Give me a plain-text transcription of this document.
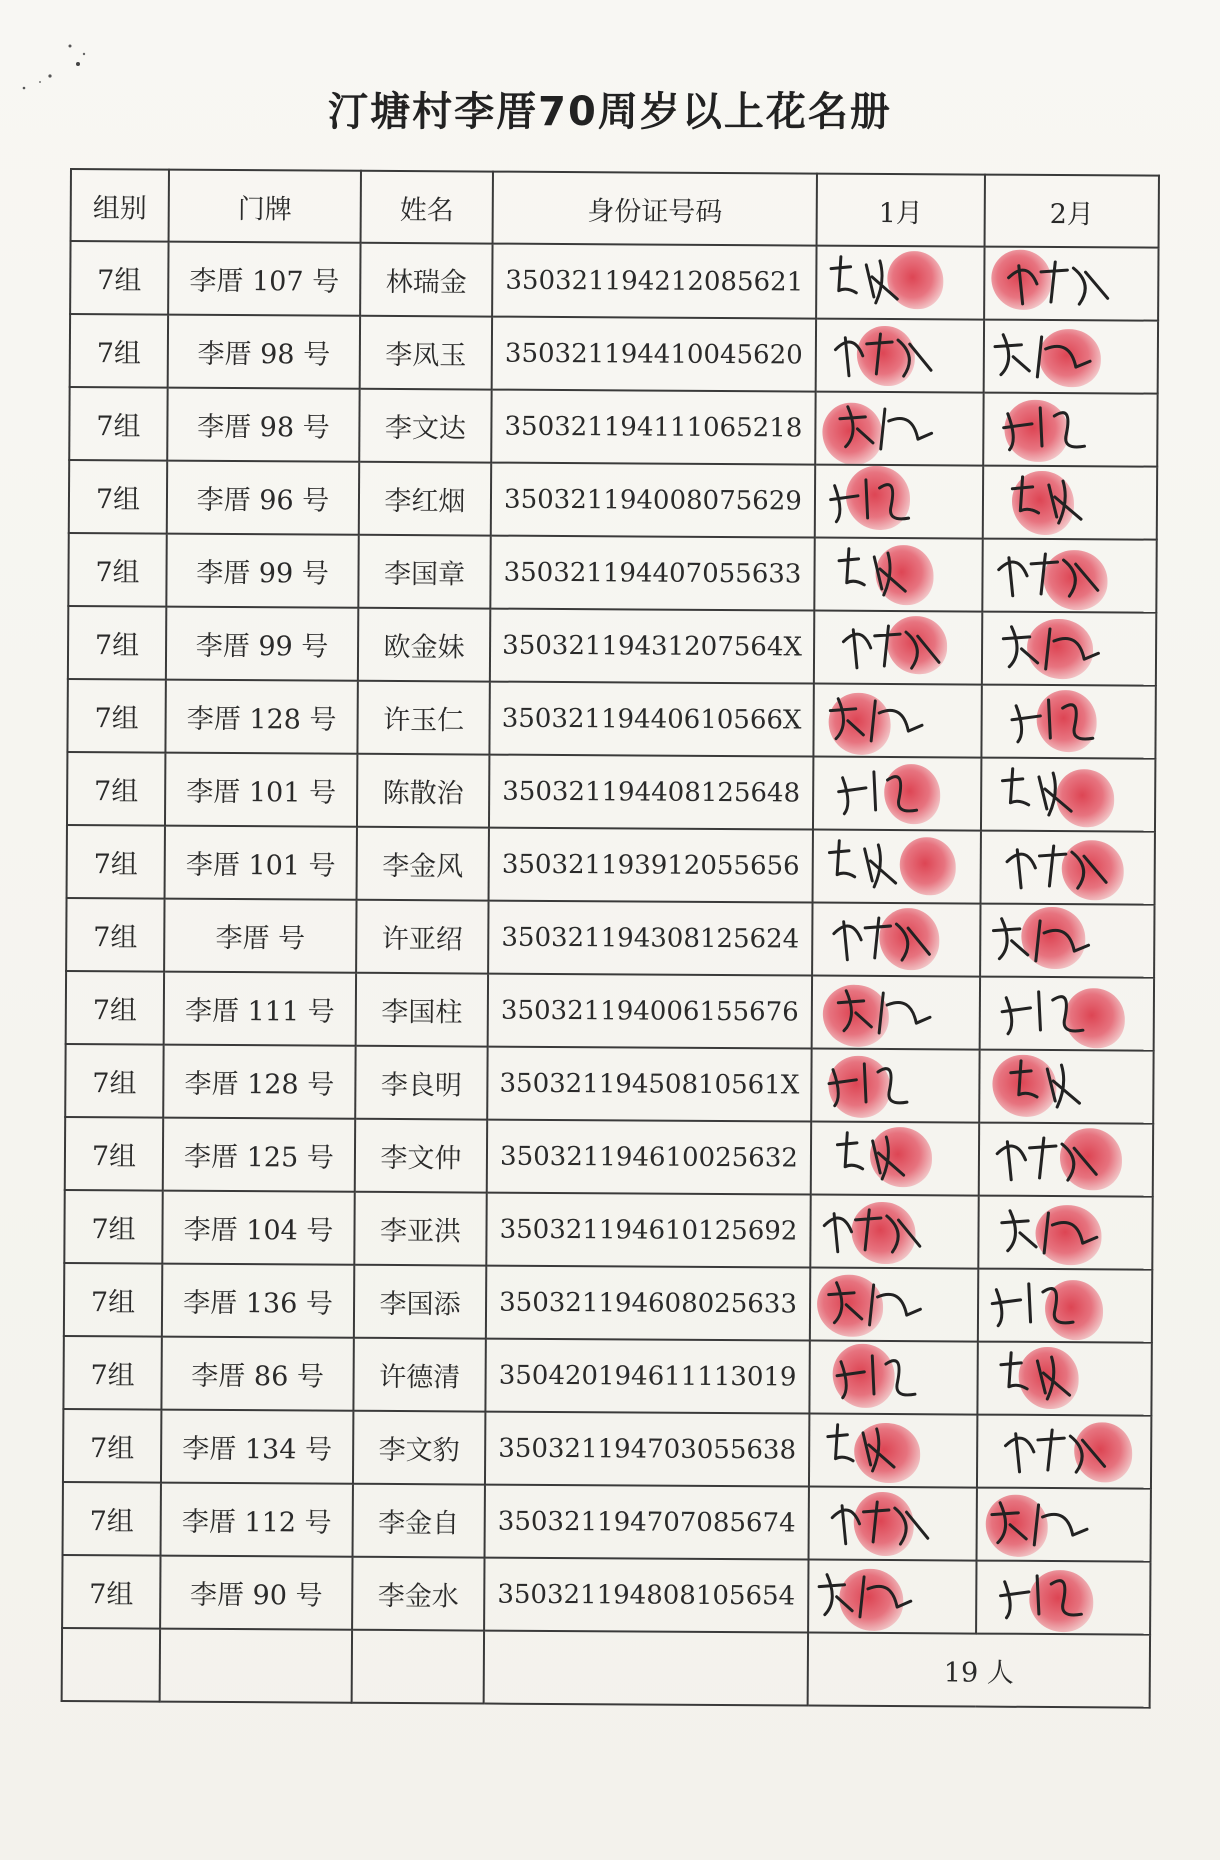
汀塘村李厝70周岁以上花名册
组别	门牌	姓名	身份证号码	1月	2月
7组	李厝 107 号	林瑞金	350321194212085621	

7组	李厝 98 号	李凤玉	350321194410045620	

7组	李厝 98 号	李文达	350321194111065218	

7组	李厝 96 号	李红烟	350321194008075629	

7组	李厝 99 号	李国章	350321194407055633	

7组	李厝 99 号	欧金妹	35032119431207564X	

7组	李厝 128 号	许玉仁	35032119440610566X	

7组	李厝 101 号	陈散治	350321194408125648	

7组	李厝 101 号	李金风	350321193912055656	

7组	李厝 号	许亚绍	350321194308125624	

7组	李厝 111 号	李国柱	350321194006155676	

7组	李厝 128 号	李良明	35032119450810561X	

7组	李厝 125 号	李文仲	350321194610025632	

7组	李厝 104 号	李亚洪	350321194610125692	

7组	李厝 136 号	李国添	350321194608025633	

7组	李厝 86 号	许德清	350420194611113019	

7组	李厝 134 号	李文豹	350321194703055638	

7组	李厝 112 号	李金自	350321194707085674	

7组	李厝 90 号	李金水	350321194808105654	

				19 人	
